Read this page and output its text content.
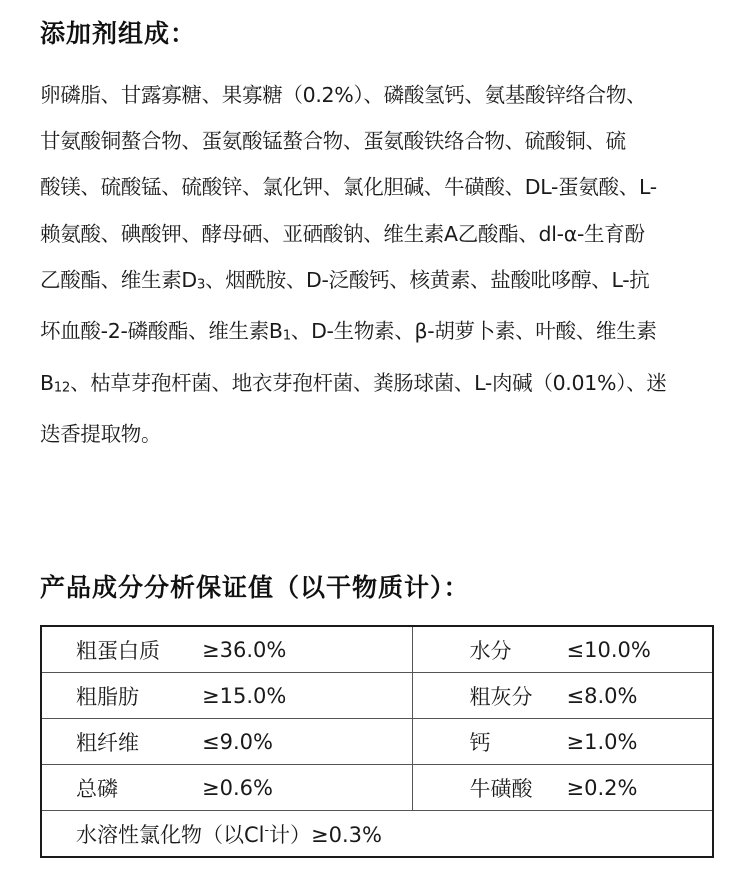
添加剂组成：
卵磷脂、甘露寡糖、果寡糖（0.2%）、磷酸氢钙、氨基酸锌络合物、
甘氨酸铜螯合物、蛋氨酸锰螯合物、蛋氨酸铁络合物、硫酸铜、硫
酸镁、硫酸锰、硫酸锌、氯化钾、氯化胆碱、牛磺酸、DL-蛋氨酸、L-
赖氨酸、碘酸钾、酵母硒、亚硒酸钠、维生素A乙酸酯、dl-α-生育酚
乙酸酯、维生素D3、烟酰胺、D-泛酸钙、核黄素、盐酸吡哆醇、L-抗
坏血酸-2-磷酸酯、维生素B1、D-生物素、β-胡萝卜素、叶酸、维生素
B12、枯草芽孢杆菌、地衣芽孢杆菌、粪肠球菌、L-肉碱（0.01%）、迷
迭香提取物。
产品成分分析保证值（以干物质计）：
粗蛋白质 ≥36.0%	水分 ≤10.0%

粗脂肪 ≥15.0%	粗灰分 ≤8.0%

粗纤维 ≤9.0%	钙 ≥1.0%

总磷 ≥0.6%	牛磺酸 ≥0.2%

水溶性氯化物（以Cl-计）≥0.3%	
